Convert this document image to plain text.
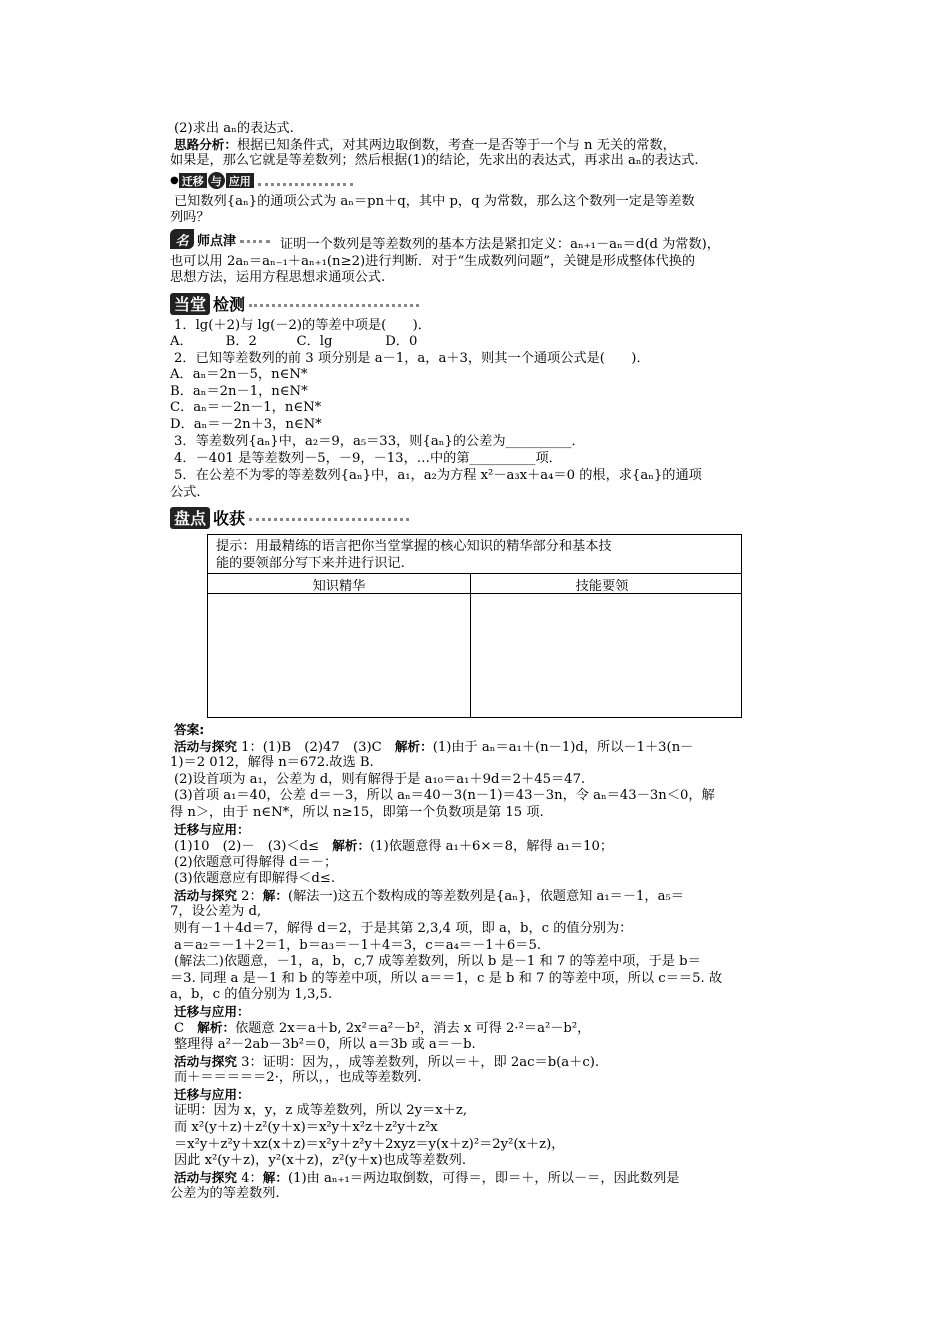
(2)求出 aₙ的表达式.
思路分析：根据已知条件式，对其两边取倒数，考查一是否等于一个与 n 无关的常数，
如果是，那么它就是等差数列；然后根据(1)的结论，先求出的表达式，再求出 aₙ的表达式.
● 迁移 与 应用
已知数列{aₙ}的通项公式为 aₙ＝pn＋q，其中 p，q 为常数，那么这个数列一定是等差数
列吗？
名 师点津	证明一个数列是等差数列的基本方法是紧扣定义：aₙ₊₁－aₙ＝d(d 为常数)，
也可以用 2aₙ＝aₙ₋₁＋aₙ₊₁(n≥2)进行判断．对于“生成数列问题”，关键是形成整体代换的
思想方法，运用方程思想求通项公式.
当堂 检测
1．lg(＋2)与 lg(－2)的等差中项是(　　)．
A．　　　B．2　　　C．lg　　　　D．0
2．已知等差数列的前 3 项分别是 a－1，a，a＋3，则其一个通项公式是(　　)．
A．aₙ＝2n－5，n∈N*
B．aₙ＝2n－1，n∈N*
C．aₙ＝－2n－1，n∈N*
D．aₙ＝－2n＋3，n∈N*
3．等差数列{aₙ}中，a₂＝9，a₅＝33，则{aₙ}的公差为__________．
4．－401 是等差数列－5，－9，－13，…中的第__________项．
5．在公差不为零的等差数列{aₙ}中，a₁，a₂为方程 x²－a₃x＋a₄＝0 的根，求{aₙ}的通项
公式.
盘点 收获
提示：用最精练的语言把你当堂掌握的核心知识的精华部分和基本技
能的要领部分写下来并进行识记.
知识精华	技能要领
答案:
活动与探究 1：(1)B　(2)47　(3)C　解析：(1)由于 aₙ＝a₁＋(n－1)d，所以－1＋3(n－
1)＝2 012，解得 n＝672.故选 B.
(2)设首项为 a₁，公差为 d，则有解得于是 a₁₀＝a₁＋9d＝2＋45＝47.
(3)首项 a₁＝40，公差 d＝－3，所以 aₙ＝40－3(n－1)＝43－3n，令 aₙ＝43－3n＜0，解
得 n＞，由于 n∈N*，所以 n≥15，即第一个负数项是第 15 项.
迁移与应用：
(1)10　(2)－　(3)＜d≤　解析：(1)依题意得 a₁＋6×＝8，解得 a₁＝10；
(2)依题意可得解得 d＝－；
(3)依题意应有即解得＜d≤.
活动与探究 2：解：(解法一)这五个数构成的等差数列是{aₙ}，依题意知 a₁＝－1，a₅＝
7，设公差为 d,
则有－1＋4d＝7，解得 d＝2，于是其第 2,3,4 项，即 a，b，c 的值分别为：
a＝a₂＝－1＋2＝1，b＝a₃＝－1＋4＝3，c＝a₄＝－1＋6＝5.
(解法二)依题意，－1，a，b，c,7 成等差数列，所以 b 是－1 和 7 的等差中项，于是 b＝
＝3. 同理 a 是－1 和 b 的等差中项，所以 a＝＝1，c 是 b 和 7 的等差中项，所以 c＝＝5. 故
a，b，c 的值分别为 1,3,5.
迁移与应用：
C　解析：依题意 2x＝a＋b, 2x²＝a²－b²，消去 x 可得 2·²＝a²－b²，
整理得 a²－2ab－3b²＝0，所以 a＝3b 或 a＝－b.
活动与探究 3：证明：因为，，成等差数列，所以＝＋，即 2ac＝b(a＋c).
而＋＝＝＝＝＝2·，所以，，也成等差数列.
迁移与应用：
证明：因为 x，y，z 成等差数列，所以 2y＝x＋z,
而 x²(y＋z)＋z²(y＋x)＝x²y＋x²z＋z²y＋z²x
＝x²y＋z²y＋xz(x＋z)＝x²y＋z²y＋2xyz＝y(x＋z)²＝2y²(x＋z)，
因此 x²(y＋z)，y²(x＋z)，z²(y＋x)也成等差数列.
活动与探究 4：解：(1)由 aₙ₊₁＝两边取倒数，可得＝，即＝＋，所以－＝，因此数列是
公差为的等差数列.
